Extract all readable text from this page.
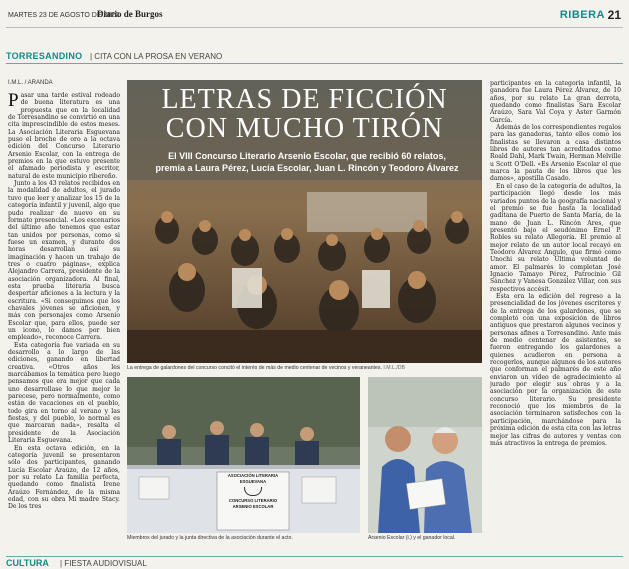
MARTES 23 DE AGOSTO DE 2022
Diario de Burgos	RIBERA 21
TORRESANDINO | CITA CON LA PROSA EN VERANO
I.M.L. / ARANDA
P asar una tarde estival rodeado de buena literatura es una propuesta que en la localidad de Torresandino se convirtió en una cita imprescindible de estos meses. La Asociación Literaria Esguevana puso el broche de oro a la octava edición del Concurso Literario Arsenio Escolar, con la entrega de premios en la que estuvo presente el afamado periodista y escritor, natural de este municipio ribereño.

Junto a los 43 relatos recibidos en la modalidad de adultos, el jurado tuvo que leer y analizar los 15 de la categoría infantil y juvenil, algo que pudo realizar de nuevo en su formato presencial. «Los escenarios del último año tenemos que estar tan unidos por personas, como si fuese un examen, y durante dos horas desarrollan así su imaginación y hacen un trabajo de tres o cuatro páginas», explica Alejandro Carrera, presidente de la asociación organizadora. Al final, esta prueba literaria busca despertar aficiones a la lectura y la escritura. «Si conseguimos que los chavales jóvenes se aficionen, y más con personajes como Arsenio Escolar que, para ellos, puede ser un icono, lo damos por bien empleado», reconoce Carrera.

Esta categoría fue variada en su desarrollo a lo largo de las ediciones, ganando en libertad creativa. «Otros años les marcábamos la temática pero luego pensamos que era mejor que cada uno desarrollase lo que mejor le parecese, pero normalmente, como están de vacaciones en el pueblo, todo gira en torno al verano y las fiestas, y del pueblo, lo normal es que marcaran nada», resalta el presidente de la Asociación Literaria Esguevana.

En esta octava edición, en la categoría juvenil se presentaron sólo dos participantes, ganando Lucía Escolar Araúzo, de 12 años, por su relato La familia perfecta, quedando como finalista Irene Araúzo Fernández, de la misma edad, con su obra Mi madre Stacy. De los tres

LETRAS DE FICCIÓN
CON MUCHO TIRÓN
El VIII Concurso Literario Arsenio Escolar, que recibió 60 relatos,
premia a Laura Pérez, Lucía Escolar, Juan L. Rincón y Teodoro Álvarez
La entrega de galardones del concurso concitó el interés de más de medio centenar de vecinos y veraneantes. I.M.L./DB

participantes en la categoría infantil, la ganadora fue Laura Pérez Álvarez, de 10 años, por su relato La gran derrota, quedando como finalistas Sara Escolar Araúzo, Sara Val Coya y Aster Garmón García.

Además de los correspondientes regalos para las ganadoras, tanto ellos como los finalistas se llevaron a casa distintos libros de autores tan acreditados como Roald Dahl, Mark Twain, Herman Melville u Scott O'Dell. «Es Arsenio Escolar el que marca la pauta de los libros que les damos», apostilla Casado.

En el caso de la categoría de adultos, la participación llegó desde los más variados puntos de la geografía nacional y el premio se fue hasta la localidad gaditana de Puerto de Santa María, de la mano de Juan L. Rincón Ares, que presentó bajo el seudónimo Ernel P. Robles su relato Allegoría. El premio al mejor relato de un autor local recayó en Teodoro Álvarez Angulo, que firmó como Unochi su relato Última voluntad de amor. El palmarés lo completan José Ignacio Tamayo Pérez, Patrocinio Gil Sánchez y Vanesa González Villar, con sus respectivos accésit.

Esta era la edición del regreso a la presencialidad de los jóvenes escritores y de la entrega de los galardones, que se completó con una exposición de libros antiguos que prestaron algunos vecinos y personas afines a Torresandino. Ante más de medio centenar de asistentes, se fueron entregando los galardones a quienes acudieron en persona a recogerlos, aunque algunos de los autores que conforman el palmarés de este año enviaron un vídeo de agradecimiento al jurado por elegir sus obras y a la asociación por la organización de este concurso literario. Su presidente reconoció que los miembros de la asociación terminaron satisfechos con la participación, marchándose para la próxima edición de esta cita con las letras mejor las cifras de autores y ventas con más atractivos la entrega de premios.

ASOCIACIÓN LITERARIA
ESGUEVANA
CONCURSO LITERARIO
ARSENIO ESCOLAR
Miembros del jurado y la junta directiva de la asociación durante el acto.	Arsenio Escolar (i.) y el ganador local.
CULTURA | FIESTA AUDIOVISUAL
